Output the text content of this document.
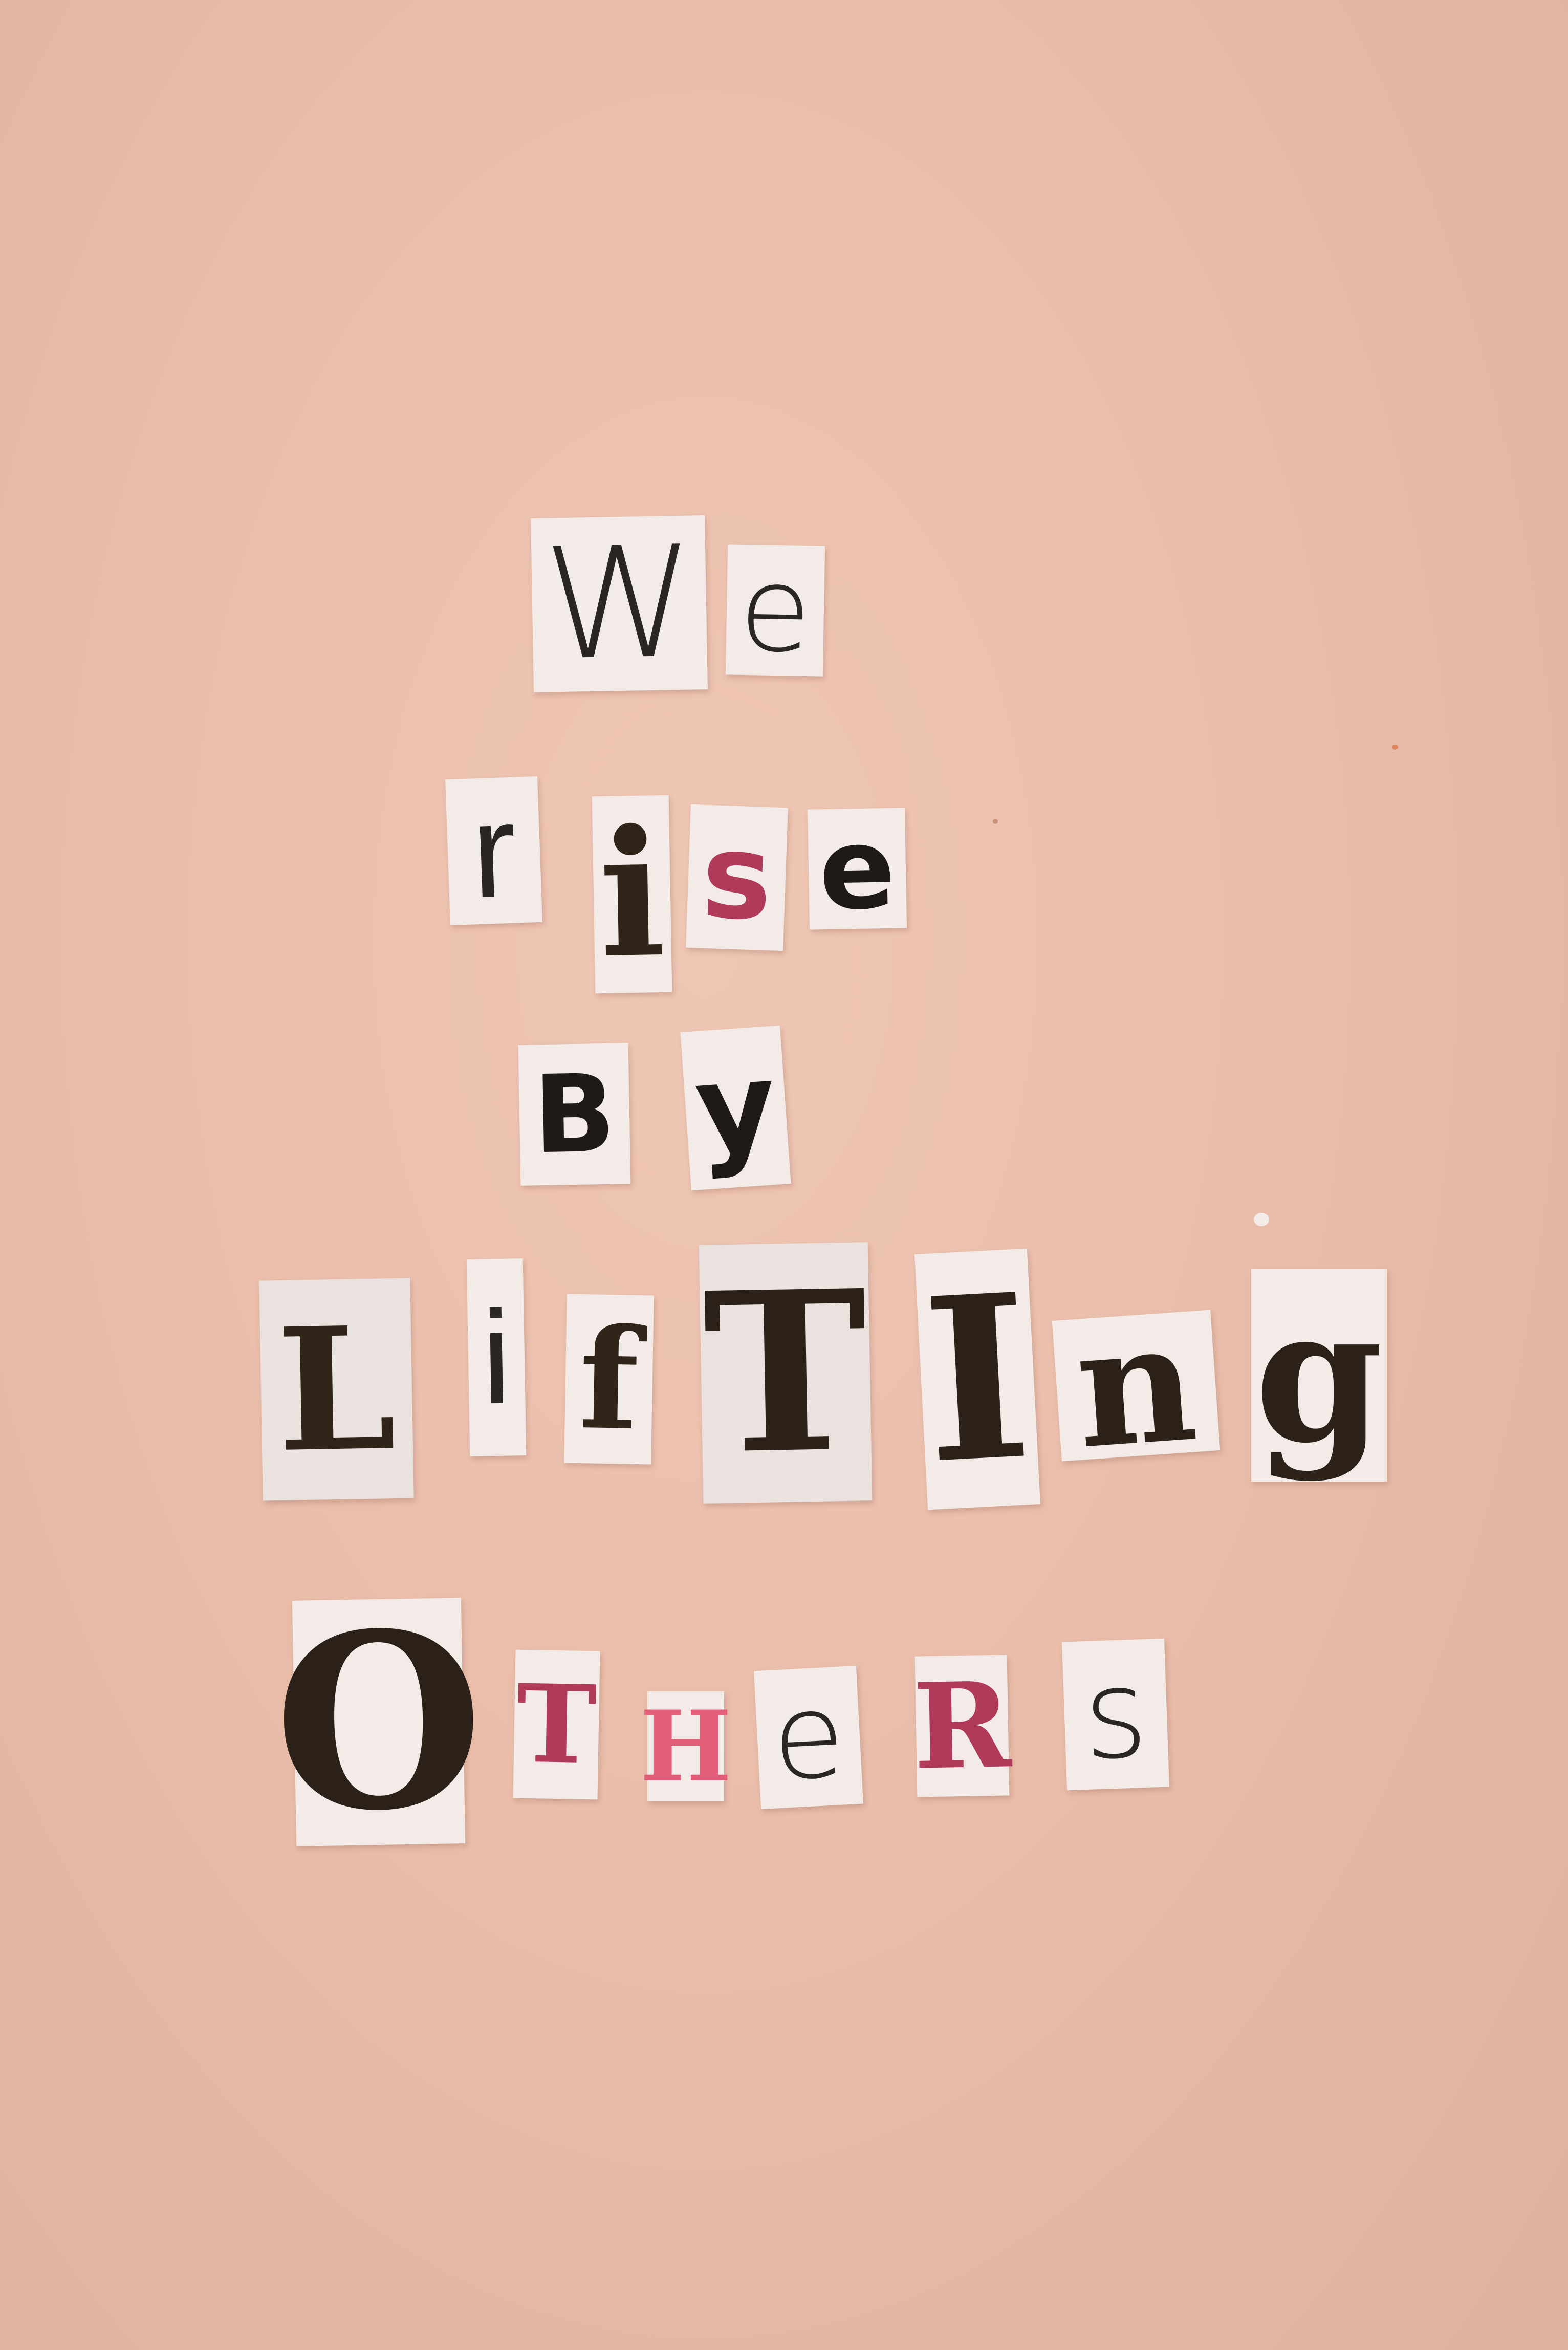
W e
r i s e
B y
L i f T I n g
O T H e R s
